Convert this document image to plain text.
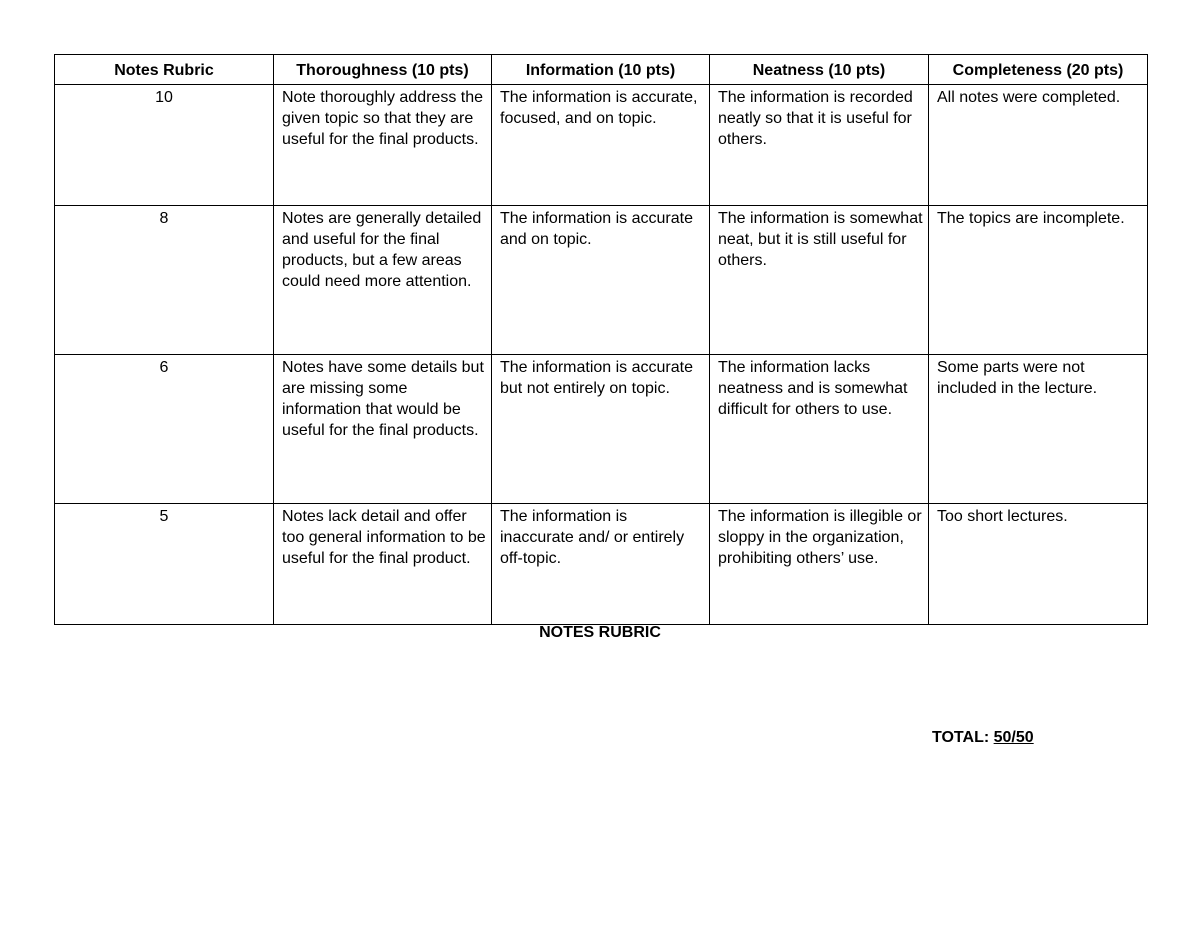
Notes Rubric	Thoroughness (10 pts)	Information (10 pts)	Neatness (10 pts)	Completeness (20 pts)
10	Note thoroughly address the given topic so that they are useful for the final products.	The information is accurate, focused, and on topic.	The information is recorded neatly so that it is useful for others.	All notes were completed.
8	Notes are generally detailed and useful for the final products, but a few areas could need more attention.	The information is accurate and on topic.	The information is somewhat neat, but it is still useful for others.	The topics are incomplete.
6	Notes have some details but are missing some information that would be useful for the final products.	The information is accurate but not entirely on topic.	The information lacks neatness and is somewhat difficult for others to use.	Some parts were not included in the lecture.
5	Notes lack detail and offer too general information to be useful for the final product.	The information is inaccurate and/ or entirely off-topic.	The information is illegible or sloppy in the organization, prohibiting others’ use.	Too short lectures.
NOTES RUBRIC
TOTAL: 50/50
